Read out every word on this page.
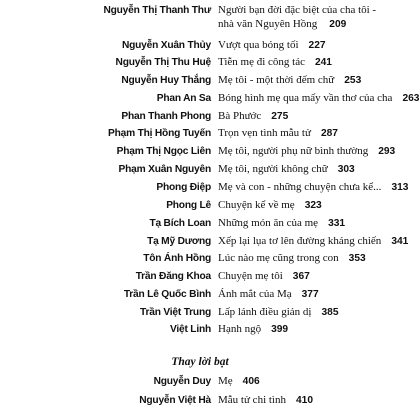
Nguyễn Thị Thanh Thư Người bạn đời đặc biệt của cha tôi -
nhà văn Nguyên Hồng 209
Nguyễn Xuân Thủy Vượt qua bóng tối 227
Nguyễn Thị Thu Huệ Tiễn mẹ đi công tác 241
Nguyễn Huy Thắng Mẹ tôi - một thời đếm chữ 253
Phan An Sa Bóng hình mẹ qua mấy vần thơ của cha 263
Phan Thanh Phong Bà Phước 275
Phạm Thị Hồng Tuyến Trọn vẹn tình mẫu tử 287
Phạm Thị Ngọc Liên Mẹ tôi, người phụ nữ bình thường 293
Phạm Xuân Nguyên Mẹ tôi, người không chữ 303
Phong Điệp Mẹ và con - những chuyện chưa kể... 313
Phong Lê Chuyện kể về mẹ 323
Tạ Bích Loan Những món ăn của mẹ 331
Tạ Mỹ Dương Xếp lại lụa tơ lên đường kháng chiến 341
Tôn Ánh Hồng Lúc nào mẹ cũng trong con 353
Trần Đăng Khoa Chuyện mẹ tôi 367
Trần Lê Quốc Bình Ánh mắt của Mạ 377
Trần Việt Trung Lấp lánh điều giản dị 385
Việt Linh Hạnh ngộ 399
Thay lời bạt
Nguyễn Duy Mẹ 406
Nguyễn Việt Hà Mẫu tử chi tình 410
